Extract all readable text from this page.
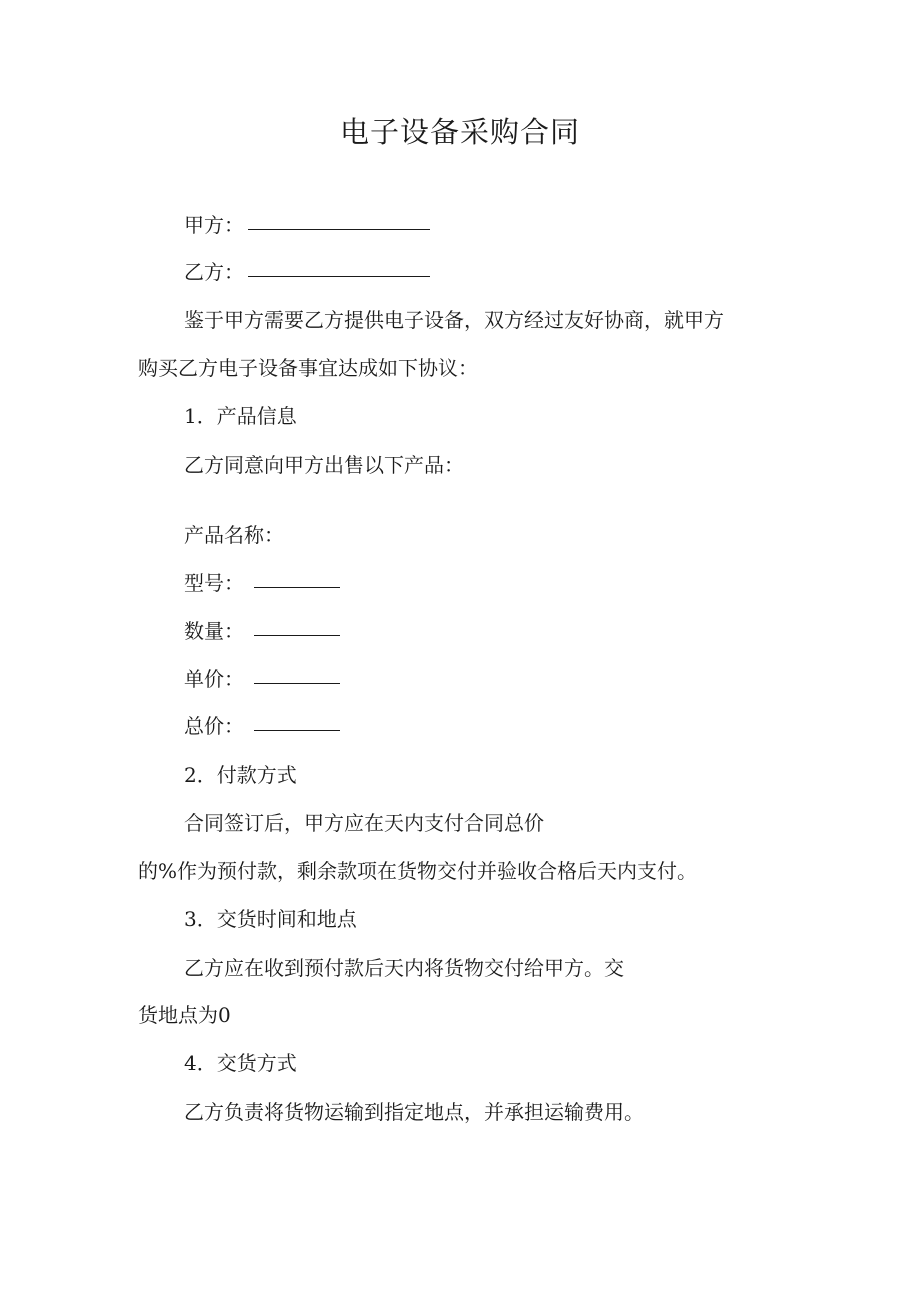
电子设备采购合同
甲方：
乙方：
鉴于甲方需要乙方提供电子设备，双方经过友好协商，就甲方
购买乙方电子设备事宜达成如下协议：
1．产品信息
乙方同意向甲方出售以下产品：
产品名称：
型号：
数量：
单价：
总价：
2．付款方式
合同签订后，甲方应在天内支付合同总价
的%作为预付款，剩余款项在货物交付并验收合格后天内支付。
3．交货时间和地点
乙方应在收到预付款后天内将货物交付给甲方。交
货地点为0
4．交货方式
乙方负责将货物运输到指定地点，并承担运输费用。
